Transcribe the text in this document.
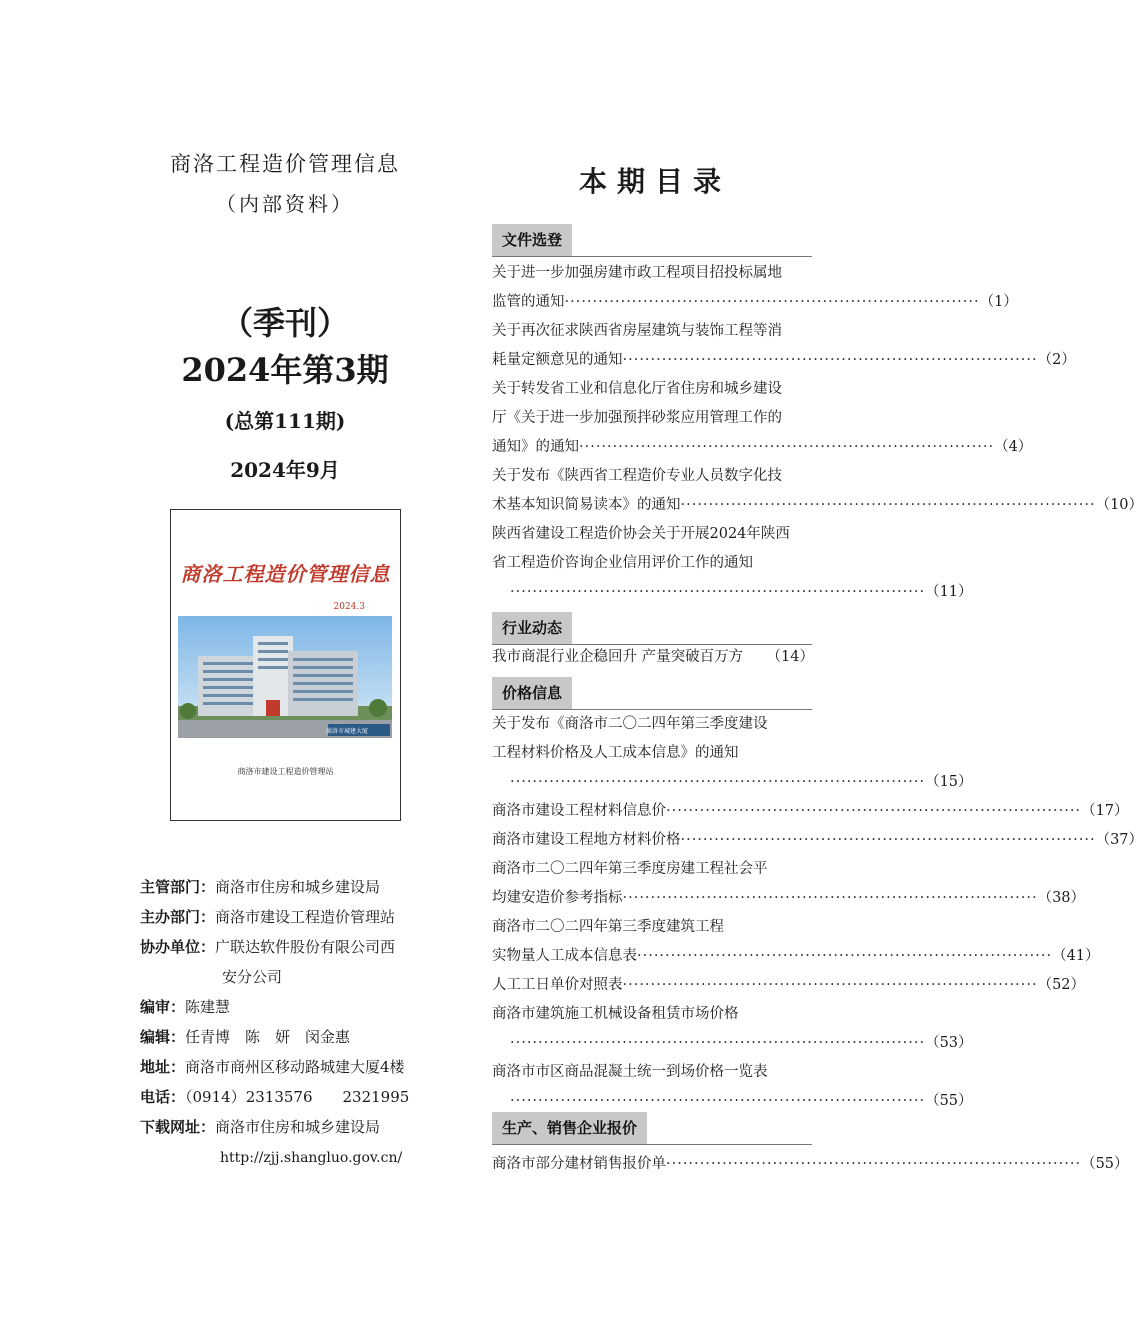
商洛工程造价管理信息
（内部资料）
（季刊）
2024年第3期
(总第111期)
2024年9月
商洛工程造价管理信息
2024.3
商洛市城建大厦
商洛市建设工程造价管理站
主管部门：商洛市住房和城乡建设局
主办部门：商洛市建设工程造价管理站
协办单位：广联达软件股份有限公司西
安分公司
编审：陈建慧
编辑：任青博　陈　妍　闵金惠
地址：商洛市商州区移动路城建大厦4楼
电话：（0914）2313576　　2321995
下载网址：商洛市住房和城乡建设局
http://zjj.shangluo.gov.cn/
本期目录
文件选登
关于进一步加强房建市政工程项目招投标属地
监管的通知 ·········································································· （1）
关于再次征求陕西省房屋建筑与装饰工程等消
耗量定额意见的通知 ·········································································· （2）
关于转发省工业和信息化厅省住房和城乡建设
厅《关于进一步加强预拌砂浆应用管理工作的
通知》的通知 ·········································································· （4）
关于发布《陕西省工程造价专业人员数字化技
术基本知识简易读本》的通知 ·········································································· （10）
陕西省建设工程造价协会关于开展2024年陕西
省工程造价咨询企业信用评价工作的通知
·········································································· （11）
行业动态
我市商混行业企稳回升 产量突破百万方 （14）
价格信息
关于发布《商洛市二〇二四年第三季度建设
工程材料价格及人工成本信息》的通知
·········································································· （15）
商洛市建设工程材料信息价 ·········································································· （17）
商洛市建设工程地方材料价格 ·········································································· （37）
商洛市二〇二四年第三季度房建工程社会平
均建安造价参考指标 ·········································································· （38）
商洛市二〇二四年第三季度建筑工程
实物量人工成本信息表 ·········································································· （41）
人工工日单价对照表 ·········································································· （52）
商洛市建筑施工机械设备租赁市场价格
·········································································· （53）
商洛市市区商品混凝土统一到场价格一览表
·········································································· （55）
生产、销售企业报价
商洛市部分建材销售报价单 ·········································································· （55）
